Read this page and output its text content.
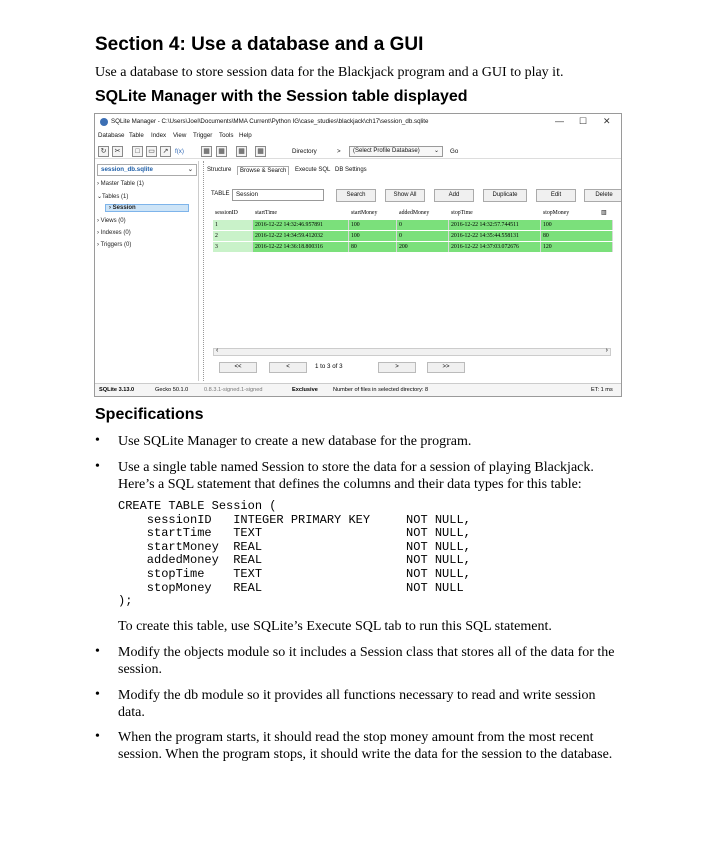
Section 4: Use a database and a GUI
Use a database to store session data for the Blackjack program and a GUI to play it.
SQLite Manager with the Session table displayed
SQLite Manager - C:\Users\Joel\Documents\MMA Current\Python IG\case_studies\blackjack\ch17\session_db.sqlite	— ☐ ✕
Database Table Index View Trigger Tools Help
↻	✂	□	▭	↗	f(x)	▦	▦	▦	▦	Directory	>	(Select Profile Database) ⌄ Go
session_db.sqlite	⌄
› Master Table (1)
⌄Tables (1)
› Session
› Views (0)
› Indexes (0)
› Triggers (0)
Structure	Browse & Search	Execute SQL DB Settings
TABLE	Session	Search	Show All	Add	Duplicate	Edit	Delete
sessionID	startTime	startMoney	addedMoney	stopTime	stopMoney	▥
1	2016-12-22 14:32:46.957891	100	0	2016-12-22 14:32:57.744511	100
2	2016-12-22 14:34:59.412032	100	0	2016-12-22 14:35:44.558131	80
3	2016-12-22 14:36:18.800316	80	200	2016-12-22 14:37:03.072676	120
‹	›
<<	<	1 to 3 of 3	>	>>
SQLite 3.13.0	Gecko 50.1.0	0.8.3.1-signed.1-signed	Exclusive	Number of files in selected directory: 8	ET: 1 ms
Specifications
• Use SQLite Manager to create a new database for the program.
• Use a single table named Session to store the data for a session of playing Blackjack. Here’s a SQL statement that defines the columns and their data types for this table:
CREATE TABLE Session (
sessionID   INTEGER PRIMARY KEY     NOT NULL,
startTime   TEXT                    NOT NULL,
startMoney  REAL                    NOT NULL,
addedMoney  REAL                    NOT NULL,
stopTime    TEXT                    NOT NULL,
stopMoney   REAL                    NOT NULL
);
To create this table, use SQLite’s Execute SQL tab to run this SQL statement.
• Modify the objects module so it includes a Session class that stores all of the data for the session.
• Modify the db module so it provides all functions necessary to read and write session data.
• When the program starts, it should read the stop money amount from the most recent session. When the program stops, it should write the data for the session to the database.
